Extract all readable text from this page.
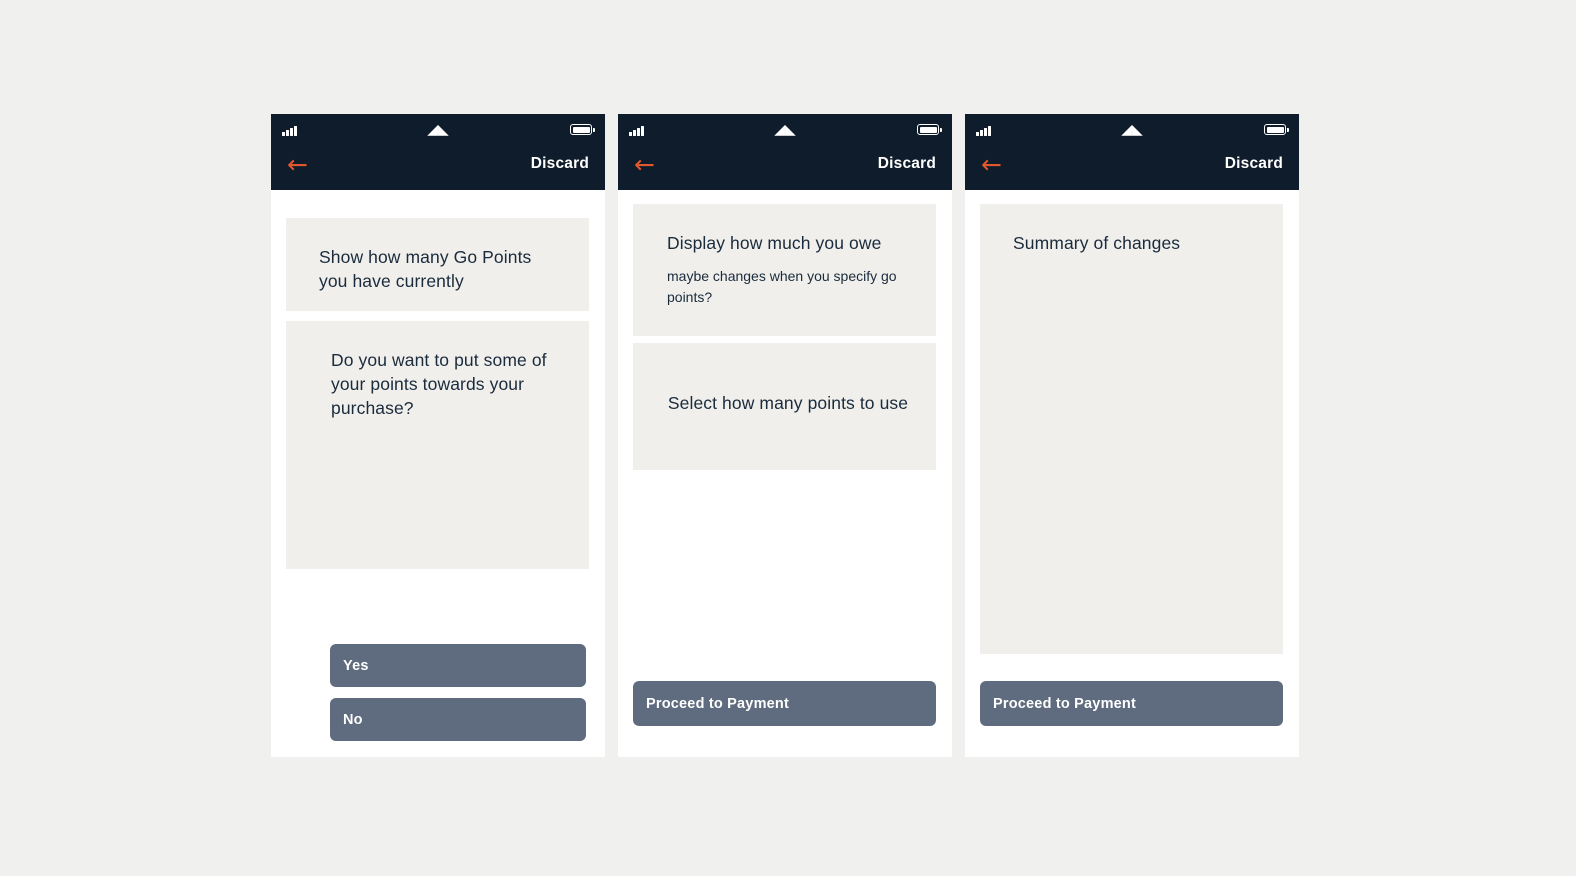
◢◣
←	Discard
Show how many Go Points you have currently
Do you want to put some of your points towards your purchase?
Yes
No
◢◣
←	Discard
Display how much you owe
maybe changes when you specify go points?
Select how many points to use
Proceed to Payment
◢◣
←	Discard
Summary of changes
Proceed to Payment
